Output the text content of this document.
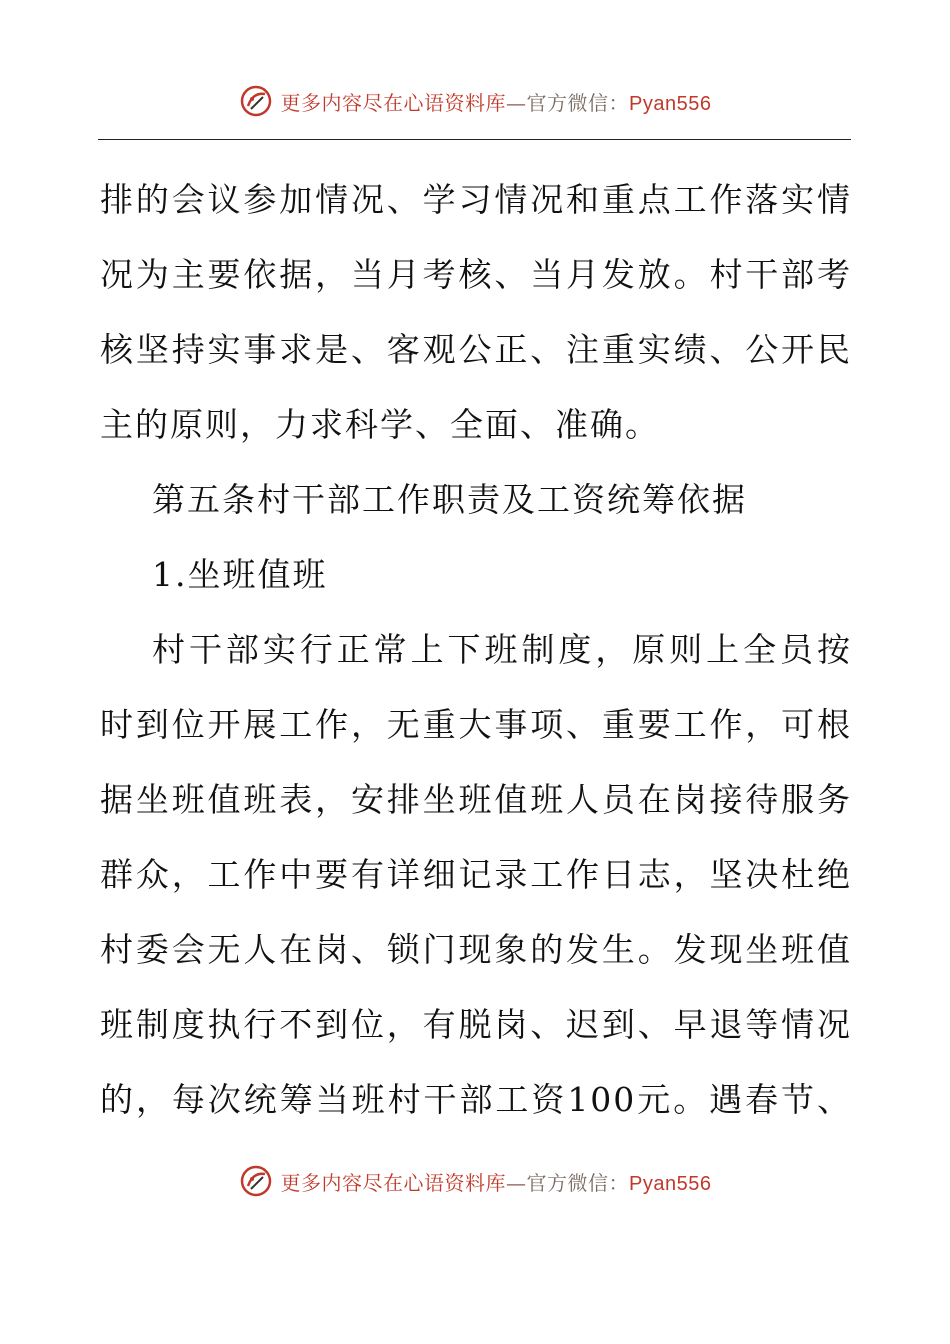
更多内容尽在心语资料库—官方微信：Pyan556
排的会议参加情况、学习情况和重点工作落实情
况为主要依据，当月考核、当月发放。村干部考
核坚持实事求是、客观公正、注重实绩、公开民
主的原则，力求科学、全面、准确。
第五条村干部工作职责及工资统筹依据
1.坐班值班
村干部实行正常上下班制度，原则上全员按
时到位开展工作，无重大事项、重要工作，可根
据坐班值班表，安排坐班值班人员在岗接待服务
群众，工作中要有详细记录工作日志，坚决杜绝
村委会无人在岗、锁门现象的发生。发现坐班值
班制度执行不到位，有脱岗、迟到、早退等情况
的，每次统筹当班村干部工资100元。遇春节、
更多内容尽在心语资料库—官方微信：Pyan556
